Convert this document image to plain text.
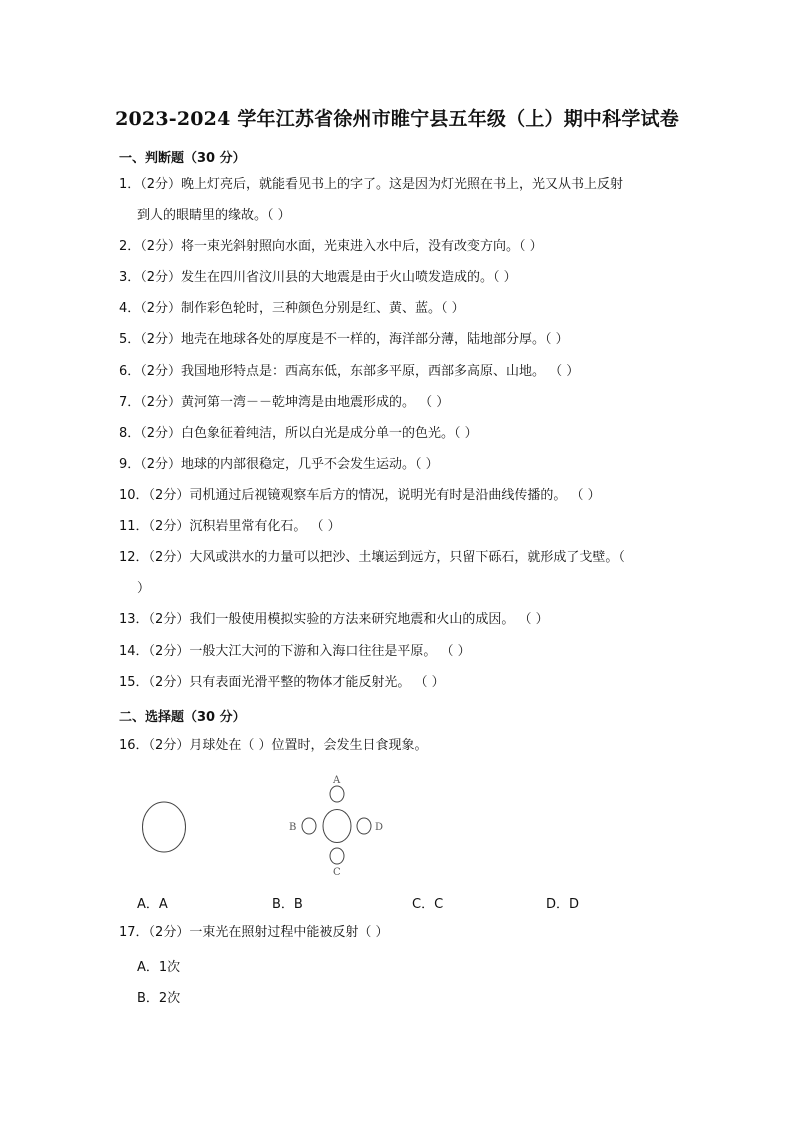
2023-2024 学年江苏省徐州市睢宁县五年级（上）期中科学试卷
一、判断题（30 分）
1．（2分）晚上灯亮后，就能看见书上的字了。这是因为灯光照在书上，光又从书上反射
到人的眼睛里的缘故。（ ）
2．（2分）将一束光斜射照向水面，光束进入水中后，没有改变方向。（ ）
3．（2分）发生在四川省汶川县的大地震是由于火山喷发造成的。（ ）
4．（2分）制作彩色轮时，三种颜色分别是红、黄、蓝。（ ）
5．（2分）地壳在地球各处的厚度是不一样的，海洋部分薄，陆地部分厚。（ ）
6．（2分）我国地形特点是：西高东低，东部多平原，西部多高原、山地。 （ ）
7．（2分）黄河第一湾－－乾坤湾是由地震形成的。 （ ）
8．（2分）白色象征着纯洁，所以白光是成分单一的色光。（ ）
9．（2分）地球的内部很稳定，几乎不会发生运动。（ ）
10．（2分）司机通过后视镜观察车后方的情况，说明光有时是沿曲线传播的。 （ ）
11．（2分）沉积岩里常有化石。 （ ）
12．（2分）大风或洪水的力量可以把沙、土壤运到远方，只留下砾石，就形成了戈壁。（
）
13．（2分）我们一般使用模拟实验的方法来研究地震和火山的成因。 （ ）
14．（2分）一般大江大河的下游和入海口往往是平原。 （ ）
15．（2分）只有表面光滑平整的物体才能反射光。 （ ）
二、选择题（30 分）
16．（2分）月球处在（ ）位置时，会发生日食现象。
A
B	D
C
A．A	B．B	C．C	D．D
17．（2分）一束光在照射过程中能被反射（ ）
A．1次
B．2次
